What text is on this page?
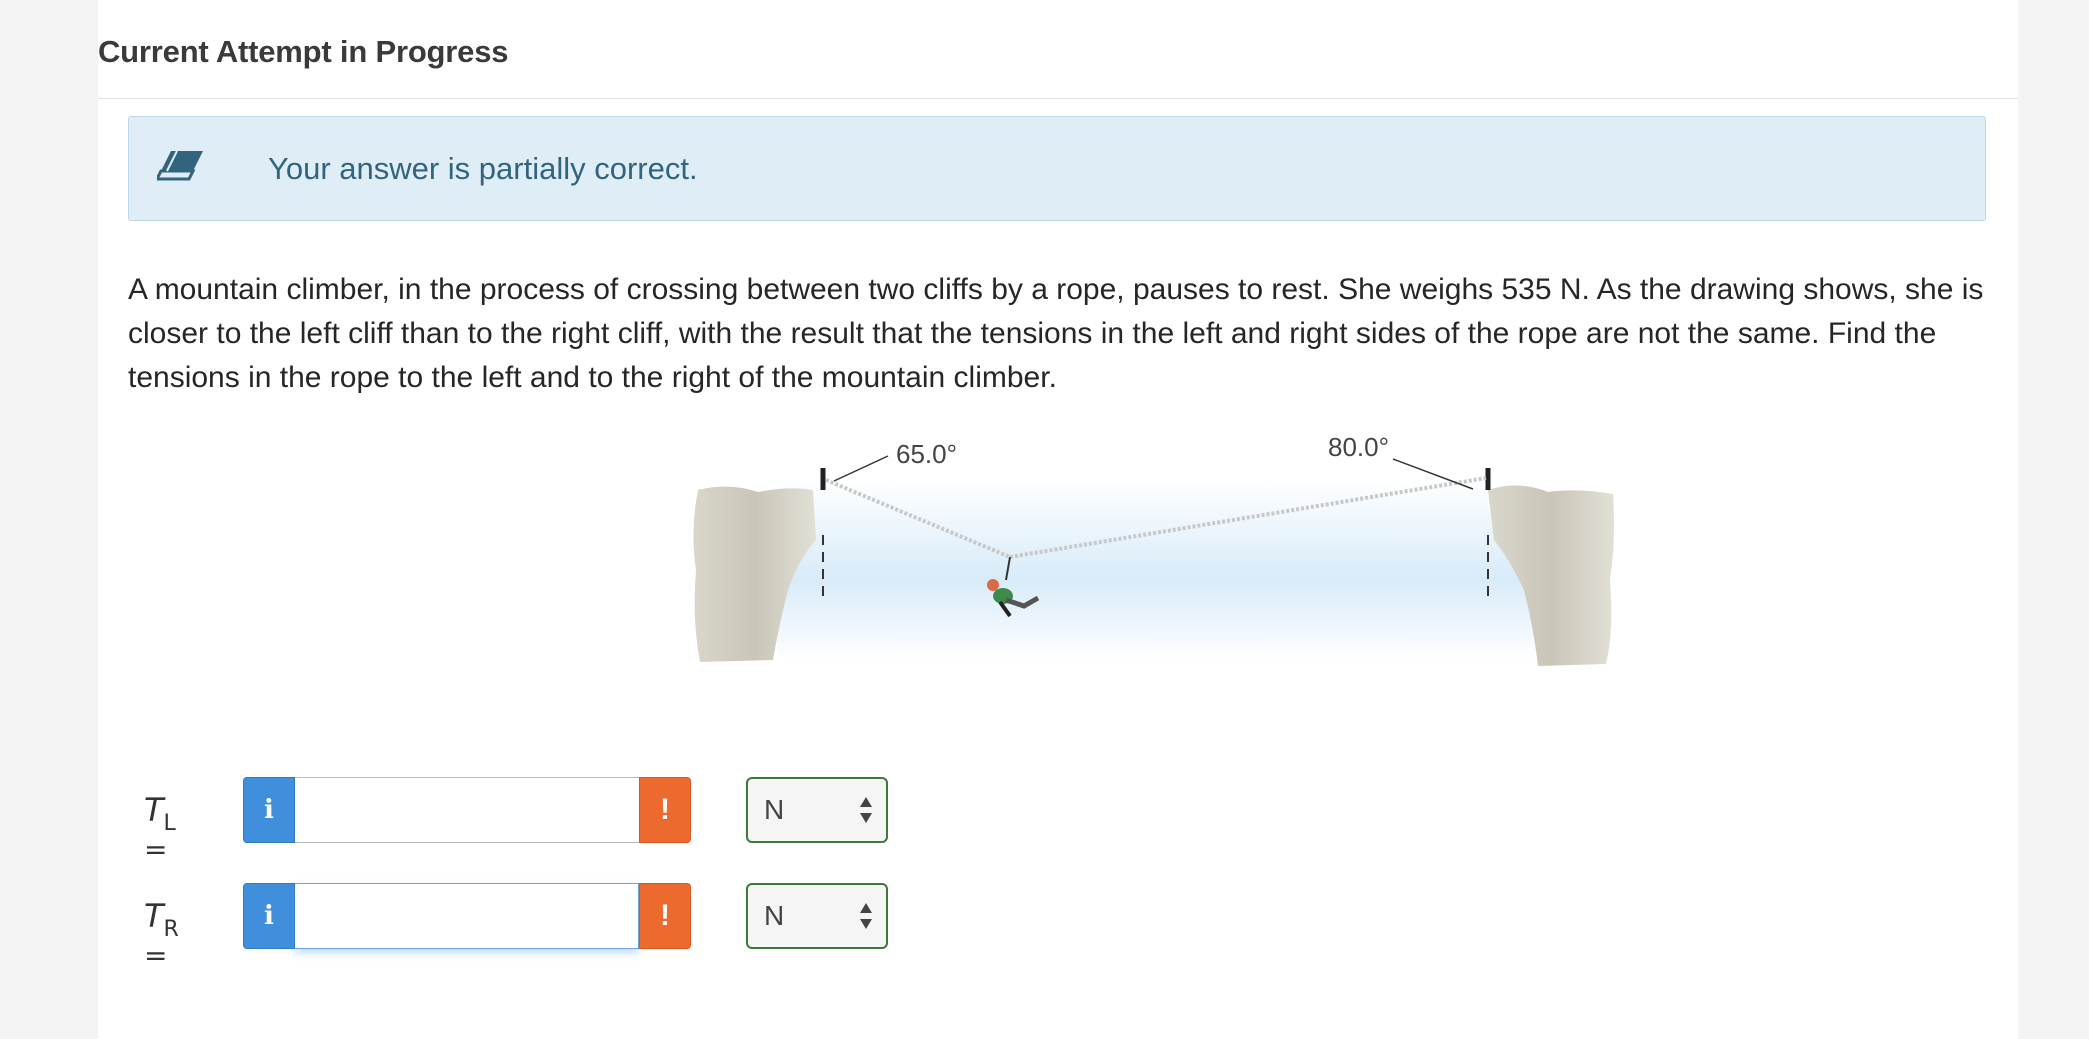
Current Attempt in Progress
Your answer is partially correct.
A mountain climber, in the process of crossing between two cliffs by a rope, pauses to rest. She weighs 535 N. As the drawing shows, she is closer to the left cliff than to the right cliff, with the result that the tensions in the left and right sides of the rope are not the same. Find the tensions in the rope to the left and to the right of the mountain climber.
65.0°	80.0°
$T_L$ =
i	!	N
$T_R$ =
i	!	N
